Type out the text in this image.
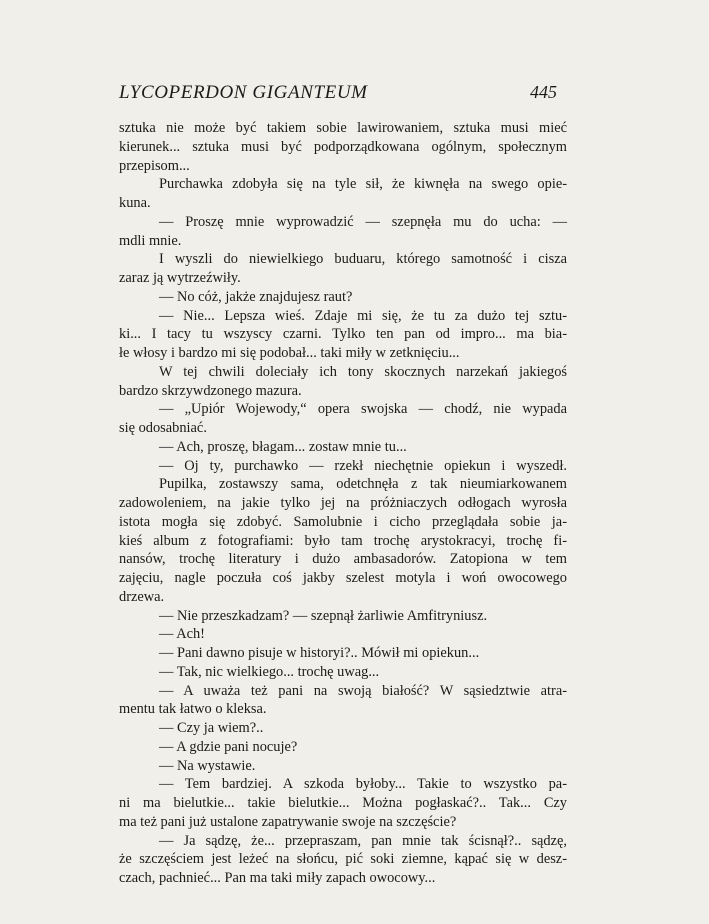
LYCOPERDON GIGANTEUM	445
sztuka nie może być takiem sobie lawirowaniem, sztuka musi mieć
kierunek... sztuka musi być podporządkowana ogólnym, społecznym
przepisom...
Purchawka zdobyła się na tyle sił, że kiwnęła na swego opie-
kuna.
— Proszę mnie wyprowadzić — szepnęła mu do ucha: —
mdli mnie.
I wyszli do niewielkiego buduaru, którego samotność i cisza
zaraz ją wytrzeźwiły.
— No cóż, jakże znajdujesz raut?
— Nie... Lepsza wieś. Zdaje mi się, że tu za dużo tej sztu-
ki... I tacy tu wszyscy czarni. Tylko ten pan od impro... ma bia-
łe włosy i bardzo mi się podobał... taki miły w zetknięciu...
W tej chwili doleciały ich tony skocznych narzekań jakiegoś
bardzo skrzywdzonego mazura.
— „Upiór Wojewody,“ opera swojska — chodź, nie wypada
się odosabniać.
— Ach, proszę, błagam... zostaw mnie tu...
— Oj ty, purchawko — rzekł niechętnie opiekun i wyszedł.
Pupilka, zostawszy sama, odetchnęła z tak nieumiarkowanem
zadowoleniem, na jakie tylko jej na próżniaczych odłogach wyrosła
istota mogła się zdobyć. Samolubnie i cicho przeglądała sobie ja-
kieś album z fotografiami: było tam trochę arystokracyi, trochę fi-
nansów, trochę literatury i dużo ambasadorów. Zatopiona w tem
zajęciu, nagle poczuła coś jakby szelest motyla i woń owocowego
drzewa.
— Nie przeszkadzam? — szepnął żarliwie Amfitryniusz.
— Ach!
— Pani dawno pisuje w historyi?.. Mówił mi opiekun...
— Tak, nic wielkiego... trochę uwag...
— A uważa też pani na swoją białość? W sąsiedztwie atra-
mentu tak łatwo o kleksa.
— Czy ja wiem?..
— A gdzie pani nocuje?
— Na wystawie.
— Tem bardziej. A szkoda byłoby... Takie to wszystko pa-
ni ma bielutkie... takie bielutkie... Można pogłaskać?.. Tak... Czy
ma też pani już ustalone zapatrywanie swoje na szczęście?
— Ja sądzę, że... przepraszam, pan mnie tak ścisnął?.. sądzę,
że szczęściem jest leżeć na słońcu, pić soki ziemne, kąpać się w desz-
czach, pachnieć... Pan ma taki miły zapach owocowy...
